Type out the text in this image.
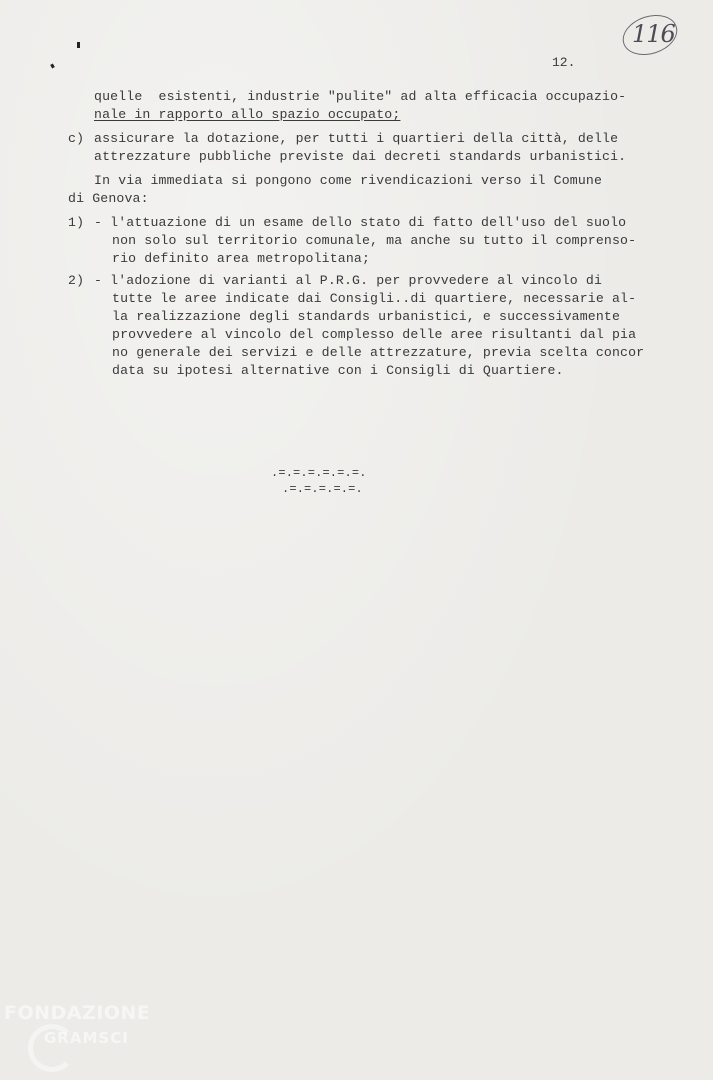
116
12.
quelle  esistenti, industrie "pulite" ad alta efficacia occupazio-
nale in rapporto allo spazio occupato;
c) assicurare la dotazione, per tutti i quartieri della città, delle
attrezzature pubbliche previste dai decreti standards urbanistici.
In via immediata si pongono come rivendicazioni verso il Comune
di Genova:
1) - l'attuazione di un esame dello stato di fatto dell'uso del suolo
non solo sul territorio comunale, ma anche su tutto il comprenso-
rio definito area metropolitana;
2) - l'adozione di varianti al P.R.G. per provvedere al vincolo di
tutte le aree indicate dai Consigli..di quartiere, necessarie al-
la realizzazione degli standards urbanistici, e successivamente
provvedere al vincolo del complesso delle aree risultanti dal pia
no generale dei servizi e delle attrezzature, previa scelta concor
data su ipotesi alternative con i Consigli di Quartiere.
.=.=.=.=.=.=.
.=.=.=.=.=.
FONDAZIONE
GRAMSCI
